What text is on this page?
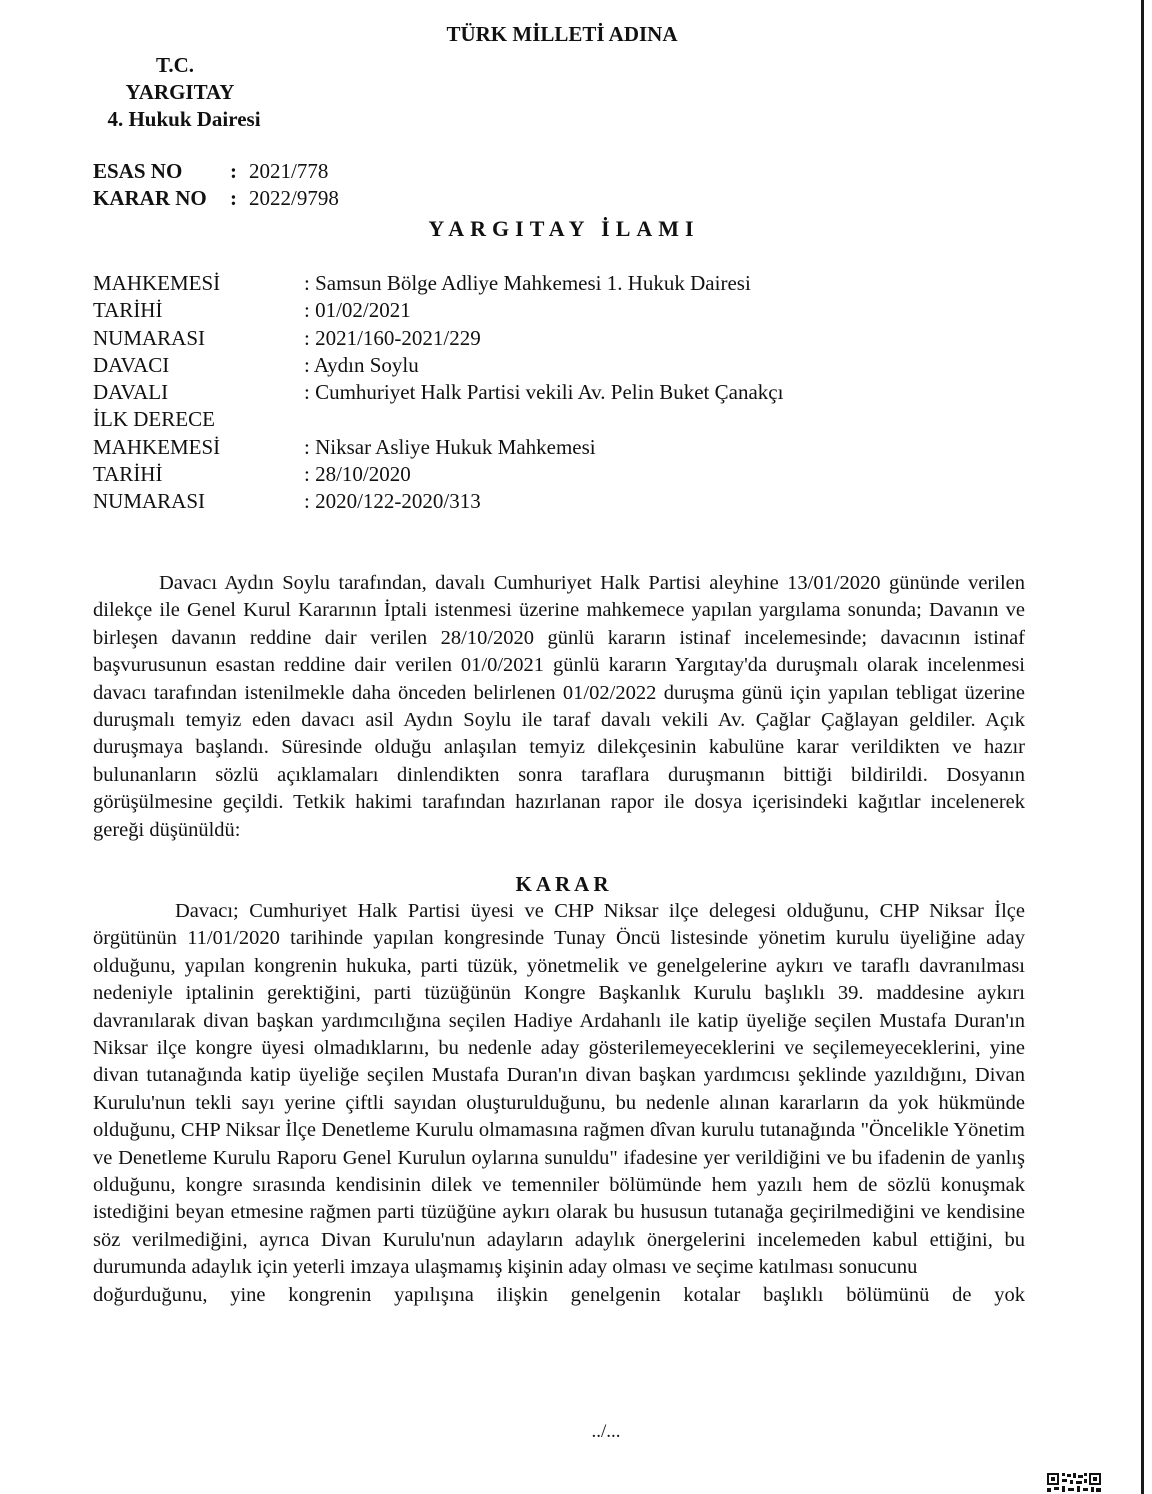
TÜRK MİLLETİ ADINA
T.C.
YARGITAY
4. Hukuk Dairesi
ESAS NO	: 2021/778
KARAR NO	: 2022/9798
YARGITAY İLAMI
MAHKEMESİ	: Samsun Bölge Adliye Mahkemesi 1. Hukuk Dairesi
TARİHİ	: 01/02/2021
NUMARASI	: 2021/160-2021/229
DAVACI	: Aydın Soylu
DAVALI	: Cumhuriyet Halk Partisi vekili Av. Pelin Buket Çanakçı
İLK DERECE
MAHKEMESİ	: Niksar Asliye Hukuk Mahkemesi
TARİHİ	: 28/10/2020
NUMARASI	: 2020/122-2020/313

Davacı Aydın Soylu tarafından, davalı Cumhuriyet Halk Partisi aleyhine 13/01/2020 gününde verilen dilekçe ile Genel Kurul Kararının İptali istenmesi üzerine mahkemece yapılan yargılama sonunda; Davanın ve birleşen davanın reddine dair verilen 28/10/2020 günlü kararın istinaf incelemesinde; davacının istinaf başvurusunun esastan reddine dair verilen 01/0/2021 günlü kararın Yargıtay'da duruşmalı olarak incelenmesi davacı tarafından istenilmekle daha önceden belirlenen 01/02/2022 duruşma günü için yapılan tebligat üzerine duruşmalı temyiz eden davacı asil Aydın Soylu ile taraf davalı vekili Av. Çağlar Çağlayan geldiler. Açık duruşmaya başlandı. Süresinde olduğu anlaşılan temyiz dilekçesinin kabulüne karar verildikten ve hazır bulunanların sözlü açıklamaları dinlendikten sonra taraflara duruşmanın bittiği bildirildi. Dosyanın görüşülmesine geçildi. Tetkik hakimi tarafından hazırlanan rapor ile dosya içerisindeki kağıtlar incelenerek gereği düşünüldü:

KARAR

Davacı; Cumhuriyet Halk Partisi üyesi ve CHP Niksar ilçe delegesi olduğunu, CHP Niksar İlçe örgütünün 11/01/2020 tarihinde yapılan kongresinde Tunay Öncü listesinde yönetim kurulu üyeliğine aday olduğunu, yapılan kongrenin hukuka, parti tüzük, yönetmelik ve genelgelerine aykırı ve taraflı davranılması nedeniyle iptalinin gerektiğini, parti tüzüğünün Kongre Başkanlık Kurulu başlıklı 39. maddesine aykırı davranılarak divan başkan yardımcılığına seçilen Hadiye Ardahanlı ile katip üyeliğe seçilen Mustafa Duran'ın Niksar ilçe kongre üyesi olmadıklarını, bu nedenle aday gösterilemeyeceklerini ve seçilemeyeceklerini, yine divan tutanağında katip üyeliğe seçilen Mustafa Duran'ın divan başkan yardımcısı şeklinde yazıldığını, Divan Kurulu'nun tekli sayı yerine çiftli sayıdan oluşturulduğunu, bu nedenle alınan kararların da yok hükmünde olduğunu, CHP Niksar İlçe Denetleme Kurulu olmamasına rağmen dîvan kurulu tutanağında "Öncelikle Yönetim ve Denetleme Kurulu Raporu Genel Kurulun oylarına sunuldu" ifadesine yer verildiğini ve bu ifadenin de yanlış olduğunu, kongre sırasında kendisinin dilek ve temenniler bölümünde hem yazılı hem de sözlü konuşmak istediğini beyan etmesine rağmen parti tüzüğüne aykırı olarak bu hususun tutanağa geçirilmediğini ve kendisine söz verilmediğini, ayrıca Divan Kurulu'nun adayların adaylık önergelerini incelemeden kabul ettiğini, bu durumunda adaylık için yeterli imzaya ulaşmamış kişinin aday olması ve seçime katılması sonucunu

doğurduğunu, yine kongrenin yapılışına ilişkin genelgenin kotalar başlıklı bölümünü de yok
../...
